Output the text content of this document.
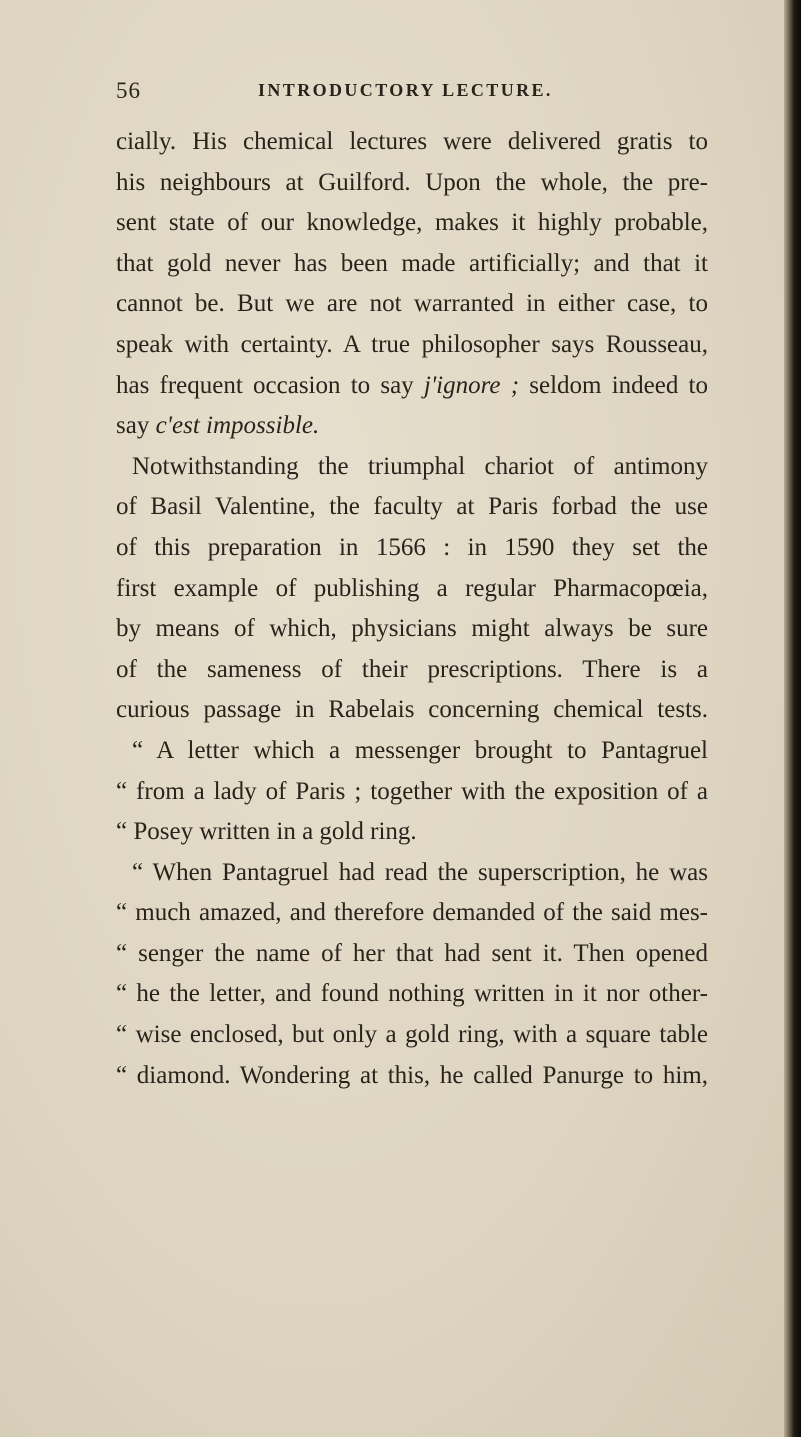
56	INTRODUCTORY LECTURE.
cially. His chemical lectures were delivered gratis to
his neighbours at Guilford. Upon the whole, the pre-
sent state of our knowledge, makes it highly probable,
that gold never has been made artificially; and that it
cannot be. But we are not warranted in either case, to
speak with certainty. A true philosopher says Rousseau,
has frequent occasion to say j'ignore ; seldom indeed to
say c'est impossible.
Notwithstanding the triumphal chariot of antimony
of Basil Valentine, the faculty at Paris forbad the use
of this preparation in 1566 : in 1590 they set the
first example of publishing a regular Pharmacopœia,
by means of which, physicians might always be sure
of the sameness of their prescriptions. There is a
curious passage in Rabelais concerning chemical tests.
“ A letter which a messenger brought to Pantagruel
“ from a lady of Paris ; together with the exposition of a
“ Posey written in a gold ring.
“ When Pantagruel had read the superscription, he was
“ much amazed, and therefore demanded of the said mes-
“ senger the name of her that had sent it. Then opened
“ he the letter, and found nothing written in it nor other-
“ wise enclosed, but only a gold ring, with a square table
“ diamond. Wondering at this, he called Panurge to him,
